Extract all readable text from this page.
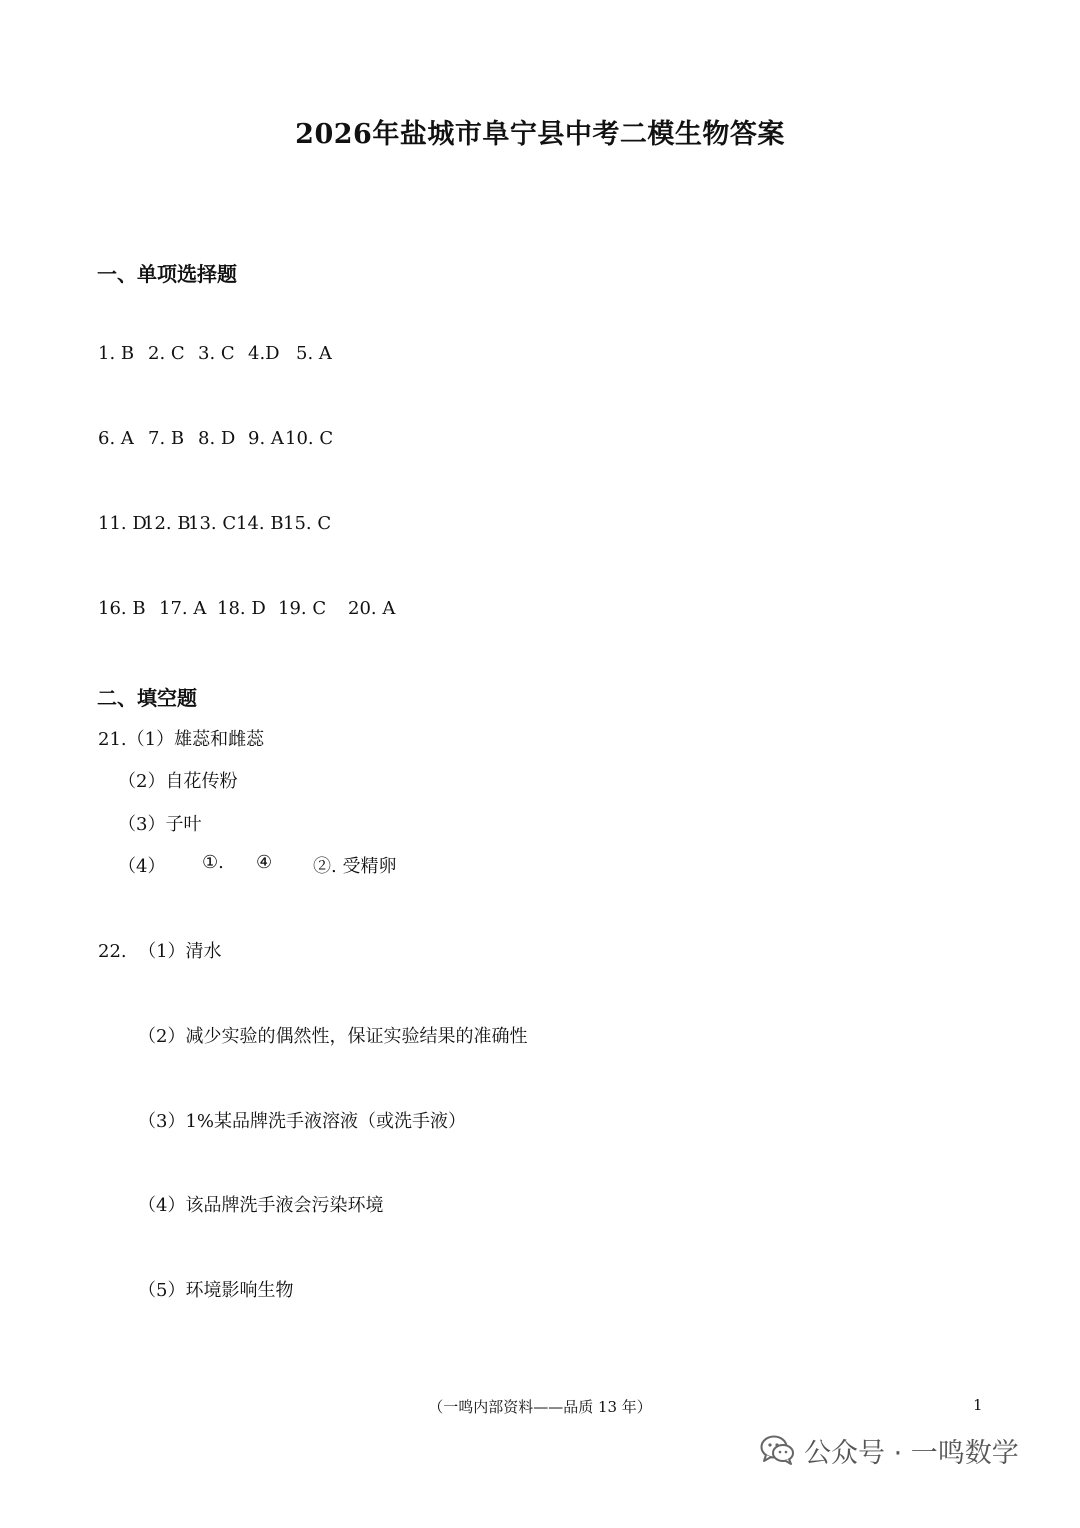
2026年盐城市阜宁县中考二模生物答案
一、单项选择题
1. B 2. C 3. C 4.D 5. A
6. A 7. B 8. D 9. A10. C
11. D12. B13. C14. B15. C
16. B 17. A 18. D 19. C 20. A
二、填空题
21.（1）雄蕊和雌蕊
（2）自花传粉
（3）子叶
（4） ①. ④ ②. 受精卵
22.  （1）清水
（2）减少实验的偶然性，保证实验结果的准确性
（3）1%某品牌洗手液溶液（或洗手液）
（4）该品牌洗手液会污染环境
（5）环境影响生物
（一鸣内部资料——品质 13 年）	1
公众号 · 一鸣数学
